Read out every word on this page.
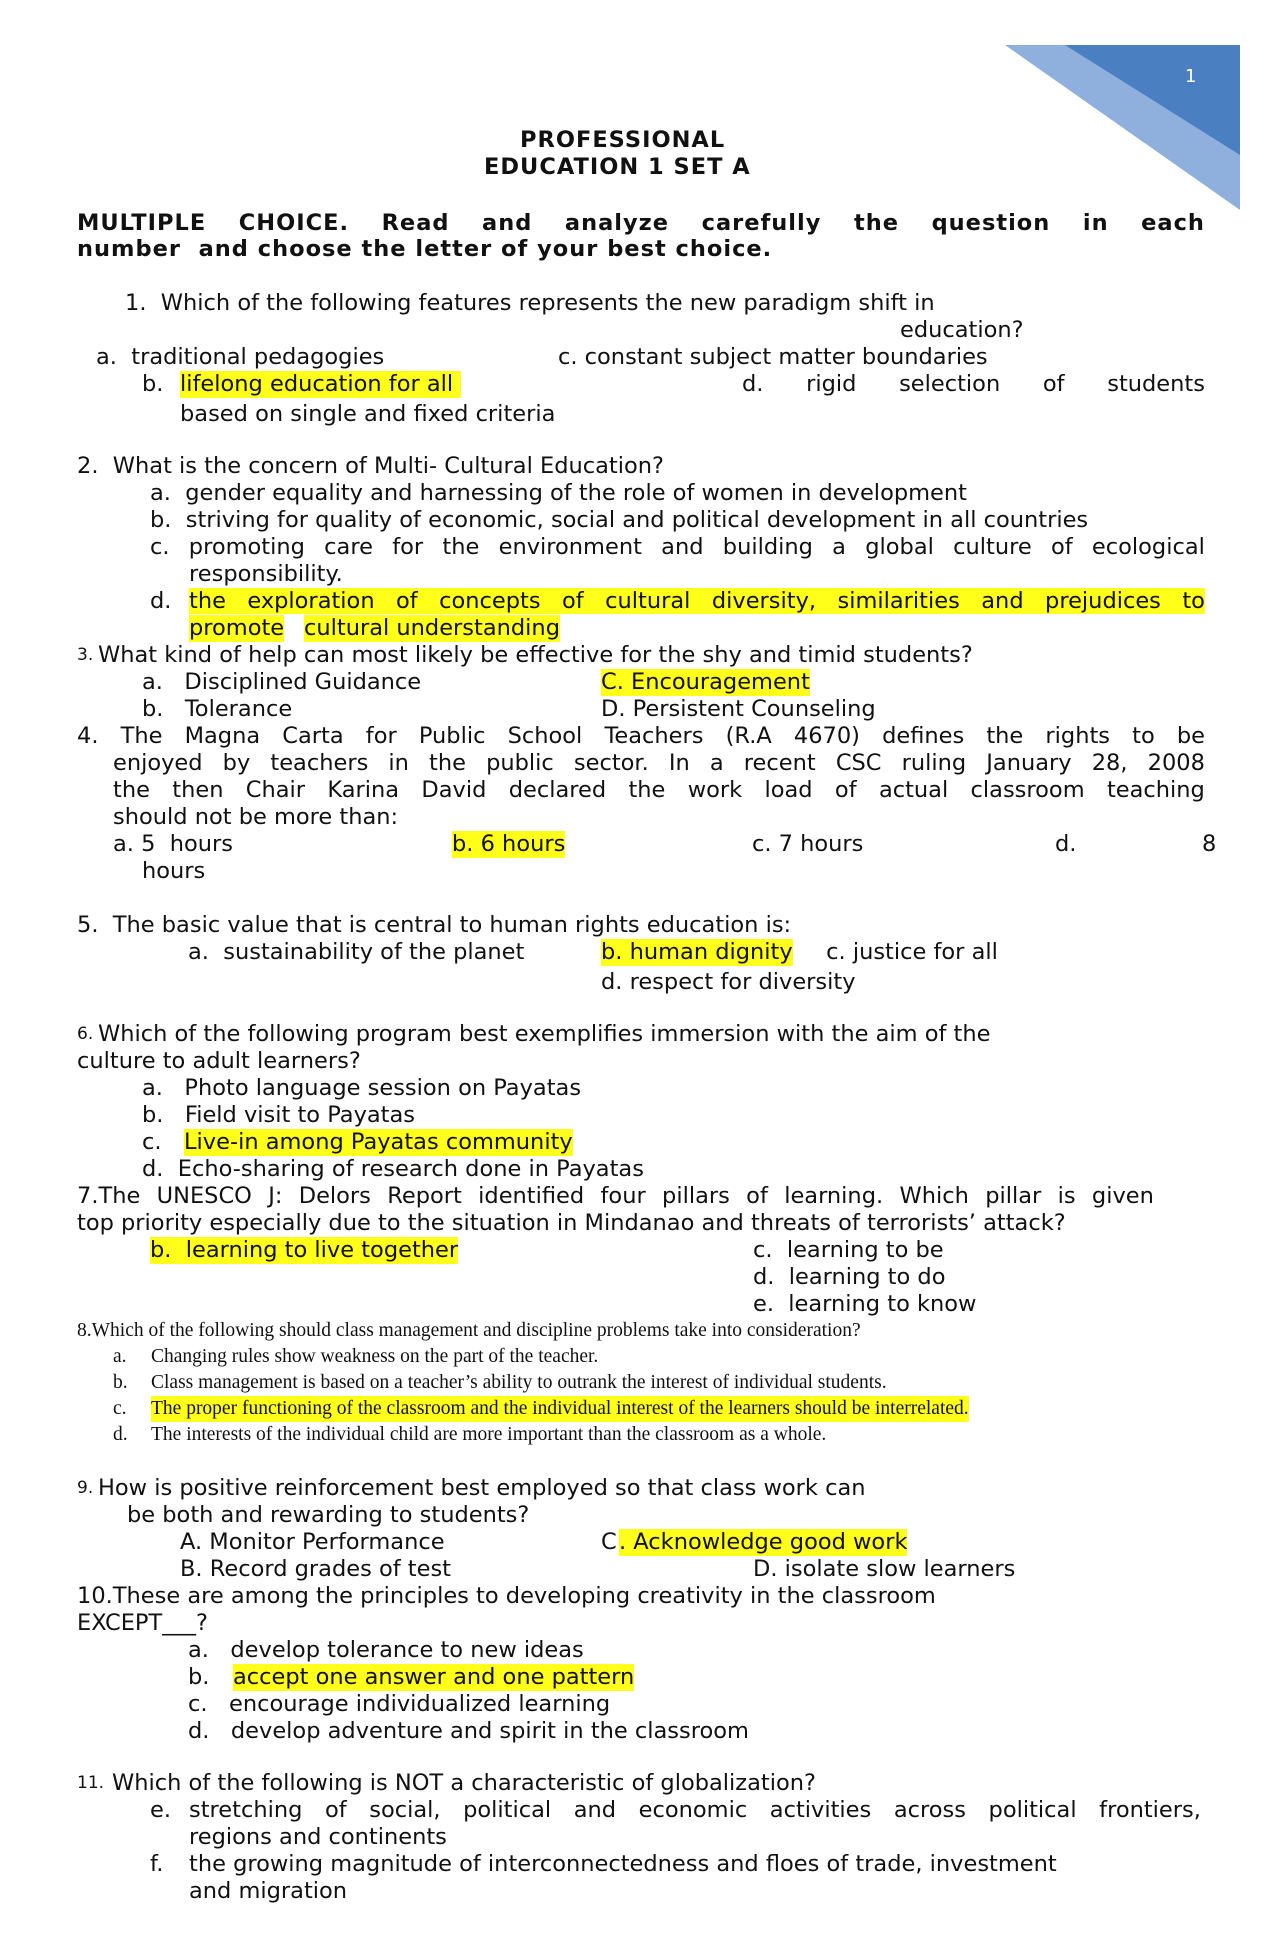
1
PROFESSIONAL
EDUCATION 1 SET A
MULTIPLE CHOICE. Read and analyze carefully the question in each
number  and choose the letter of your best choice.
1.  Which of the following features represents the new paradigm shift in
education?
a.  traditional pedagogies	c. constant subject matter boundaries
b. lifelong education for all	d. rigid selection of students
based on single and fixed criteria
2.  What is the concern of Multi- Cultural Education?
a.  gender equality and harnessing of the role of women in development
b.  striving for quality of economic, social and political development in all countries
c. promoting care for the environment and building a global culture of ecological
responsibility.
d. the exploration of concepts of cultural diversity, similarities and prejudices to
promote cultural understanding
3. What kind of help can most likely be effective for the shy and timid students?
a.   Disciplined Guidance	C. Encouragement
b.   Tolerance	D. Persistent Counseling
4. The Magna Carta for Public School Teachers (R.A 4670) defines the rights to be
enjoyed by teachers in the public sector. In a recent CSC ruling January 28, 2008
the then Chair Karina David declared the work load of actual classroom teaching
should not be more than:
a. 5  hours	b. 6 hours	c. 7 hours	d.	8
hours
5.  The basic value that is central to human rights education is:
a.  sustainability of the planet	b. human dignity c. justice for all
d. respect for diversity
6. Which of the following program best exemplifies immersion with the aim of the
culture to adult learners?
a.   Photo language session on Payatas
b.   Field visit to Payatas
c. Live-in among Payatas community
d.  Echo-sharing of research done in Payatas
7.The UNESCO J: Delors Report identified four pillars of learning. Which pillar is given
top priority especially due to the situation in Mindanao and threats of terrorists’ attack?
b.  learning to live together	c.  learning to be
d.  learning to do
e.  learning to know
8.Which of the following should class management and discipline problems take into consideration?
a. Changing rules show weakness on the part of the teacher.
b. Class management is based on a teacher’s ability to outrank the interest of individual students.
c. The proper functioning of the classroom and the individual interest of the learners should be interrelated.
d. The interests of the individual child are more important than the classroom as a whole.
9. How is positive reinforcement best employed so that class work can
be both and rewarding to students?
A. Monitor Performance	C . Acknowledge good work
B. Record grades of test	D. isolate slow learners
10.These are among the principles to developing creativity in the classroom
EXCEPT___?
a.   develop tolerance to new ideas
b. accept one answer and one pattern
c.   encourage individualized learning
d.   develop adventure and spirit in the classroom
11. Which of the following is NOT a characteristic of globalization?
e. stretching of social, political and economic activities across political frontiers,
regions and continents
f. the growing magnitude of interconnectedness and floes of trade, investment
and migration
